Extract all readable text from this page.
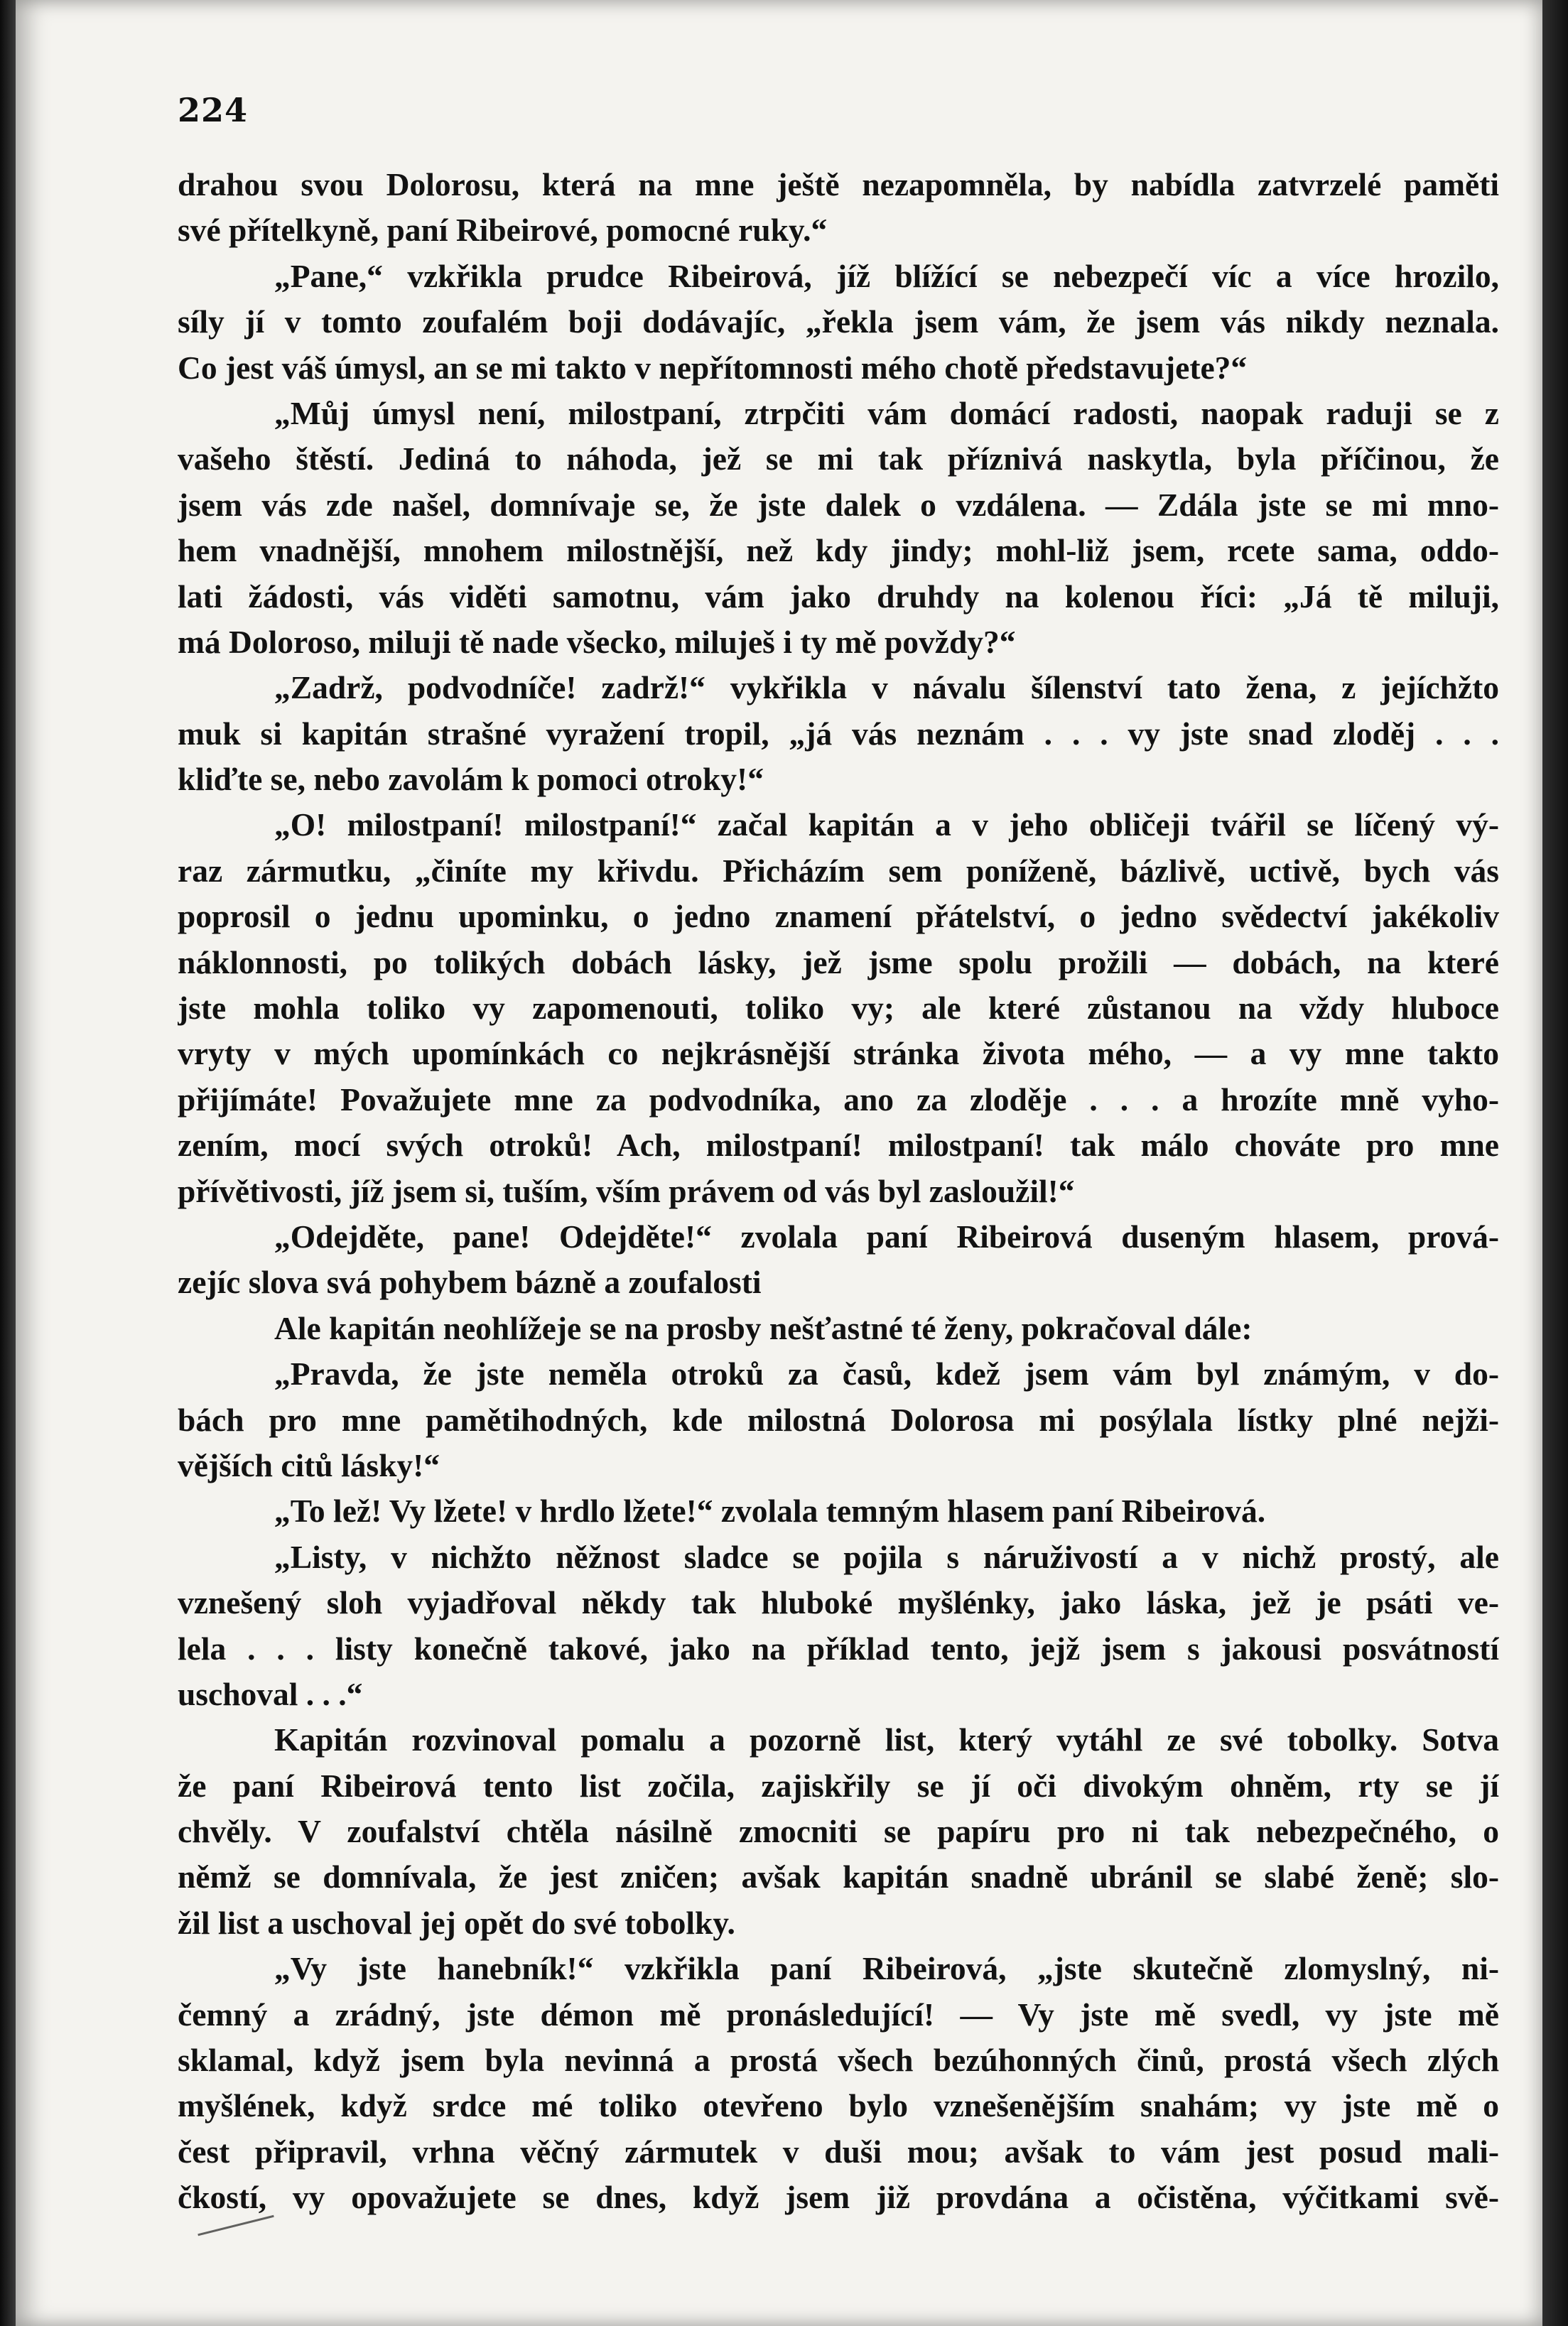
224
drahou svou Dolorosu, která na mne ještě nezapomněla, by nabídla zatvrzelé paměti
své přítelkyně, paní Ribeirové, pomocné ruky.“
„Pane,“ vzkřikla prudce Ribeirová, jíž blížící se nebezpečí víc a více hrozilo,
síly jí v tomto zoufalém boji dodávajíc, „řekla jsem vám, že jsem vás nikdy neznala.
Co jest váš úmysl, an se mi takto v nepřítomnosti mého chotě představujete?“
„Můj úmysl není, milostpaní, ztrpčiti vám domácí radosti, naopak raduji se z
vašeho štěstí. Jediná to náhoda, jež se mi tak příznivá naskytla, byla příčinou, že
jsem vás zde našel, domnívaje se, že jste dalek o vzdálena. — Zdála jste se mi mno-
hem vnadnější, mnohem milostnější, než kdy jindy; mohl-liž jsem, rcete sama, oddo-
lati žádosti, vás viděti samotnu, vám jako druhdy na kolenou říci: „Já tě miluji,
má Doloroso, miluji tě nade všecko, miluješ i ty mě povždy?“
„Zadrž, podvodníče! zadrž!“ vykřikla v návalu šílenství tato žena, z jejíchžto
muk si kapitán strašné vyražení tropil, „já vás neznám . . . vy jste snad zloděj . . .
kliďte se, nebo zavolám k pomoci otroky!“
„O! milostpaní! milostpaní!“ začal kapitán a v jeho obličeji tvářil se líčený vý-
raz zármutku, „činíte my křivdu. Přicházím sem poníženě, bázlivě, uctivě, bych vás
poprosil o jednu upominku, o jedno znamení přátelství, o jedno svědectví jakékoliv
náklonnosti, po tolikých dobách lásky, jež jsme spolu prožili — dobách, na které
jste mohla toliko vy zapomenouti, toliko vy; ale které zůstanou na vždy hluboce
vryty v mých upomínkách co nejkrásnější stránka života mého, — a vy mne takto
přijímáte! Považujete mne za podvodníka, ano za zloděje . . . a hrozíte mně vyho-
zením, mocí svých otroků! Ach, milostpaní! milostpaní! tak málo chováte pro mne
přívětivosti, jíž jsem si, tuším, vším právem od vás byl zasloužil!“
„Odejděte, pane! Odejděte!“ zvolala paní Ribeirová duseným hlasem, prová-
zejíc slova svá pohybem bázně a zoufalosti
Ale kapitán neohlížeje se na prosby nešťastné té ženy, pokračoval dále:
„Pravda, že jste neměla otroků za časů, kdež jsem vám byl známým, v do-
bách pro mne pamětihodných, kde milostná Dolorosa mi posýlala lístky plné nejži-
vějších citů lásky!“
„To lež! Vy lžete! v hrdlo lžete!“ zvolala temným hlasem paní Ribeirová.
„Listy, v nichžto něžnost sladce se pojila s náruživostí a v nichž prostý, ale
vznešený sloh vyjadřoval někdy tak hluboké myšlénky, jako láska, jež je psáti ve-
lela . . . listy konečně takové, jako na příklad tento, jejž jsem s jakousi posvátností
uschoval . . .“
Kapitán rozvinoval pomalu a pozorně list, který vytáhl ze své tobolky. Sotva
že paní Ribeirová tento list zočila, zajiskřily se jí oči divokým ohněm, rty se jí
chvěly. V zoufalství chtěla násilně zmocniti se papíru pro ni tak nebezpečného, o
němž se domnívala, že jest zničen; avšak kapitán snadně ubránil se slabé ženě; slo-
žil list a uschoval jej opět do své tobolky.
„Vy jste hanebník!“ vzkřikla paní Ribeirová, „jste skutečně zlomyslný, ni-
čemný a zrádný, jste démon mě pronásledující! — Vy jste mě svedl, vy jste mě
sklamal, když jsem byla nevinná a prostá všech bezúhonných činů, prostá všech zlých
myšlének, když srdce mé toliko otevřeno bylo vznešenějším snahám; vy jste mě o
čest připravil, vrhna věčný zármutek v duši mou; avšak to vám jest posud mali-
čkostí, vy opovažujete se dnes, když jsem již provdána a očistěna, výčitkami svě-
